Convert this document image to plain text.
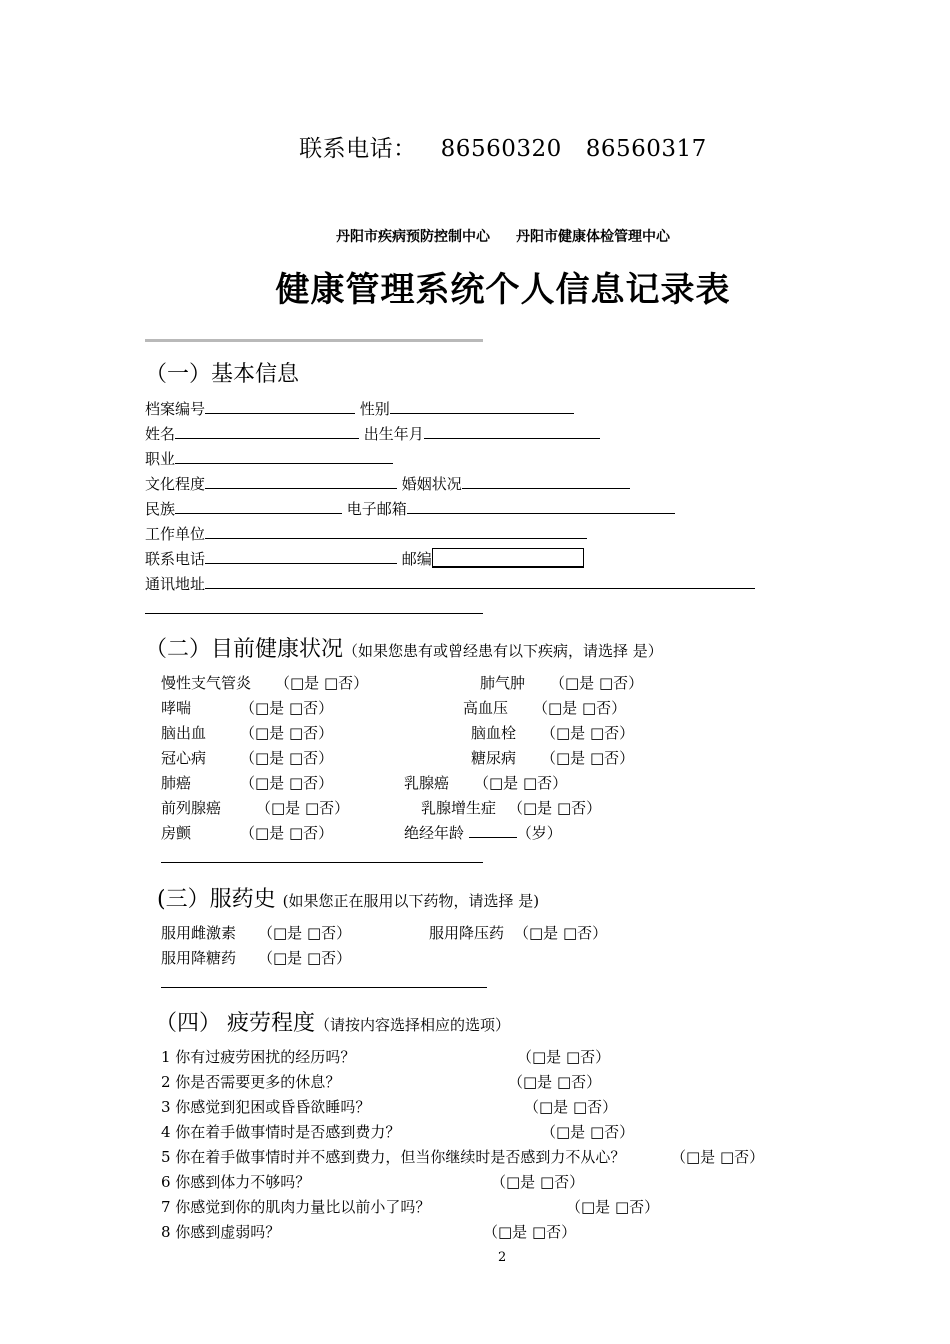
联系电话： 86560320 86560317
丹阳市疾病预防控制中心 丹阳市健康体检管理中心
健康管理系统个人信息记录表
（一）基本信息
档案编号	性别
姓名	出生年月
职业
文化程度	婚姻状况
民族	电子邮箱
工作单位
联系电话	邮编
通讯地址
（二）目前健康状况（如果您患有或曾经患有以下疾病，请选择 是）
慢性支气管炎 （□是 □否）	肺气肿 （□是 □否）
哮喘	（□是 □否）	高血压 （□是 □否）
脑出血 （□是 □否）	脑血栓 （□是 □否）
冠心病 （□是 □否）	糖尿病 （□是 □否）
肺癌	（□是 □否）	乳腺癌 （□是 □否）
前列腺癌 （□是 □否）	乳腺增生症 （□是 □否）
房颤	（□是 □否）	绝经年龄	（岁）
(三）服药史 (如果您正在服用以下药物，请选择 是)
服用雌激素 （□是 □否）	服用降压药 （□是 □否）
服用降糖药 （□是 □否）
（四） 疲劳程度（请按内容选择相应的选项）
1 你有过疲劳困扰的经历吗？	（□是 □否）
2 你是否需要更多的休息？	（□是 □否）
3 你感觉到犯困或昏昏欲睡吗？	（□是 □否）
4 你在着手做事情时是否感到费力？	（□是 □否）
5 你在着手做事情时并不感到费力，但当你继续时是否感到力不从心？	（□是 □否）
6 你感到体力不够吗？	（□是 □否）
7 你感觉到你的肌肉力量比以前小了吗？	（□是 □否）
8 你感到虚弱吗？	（□是 □否）
2
